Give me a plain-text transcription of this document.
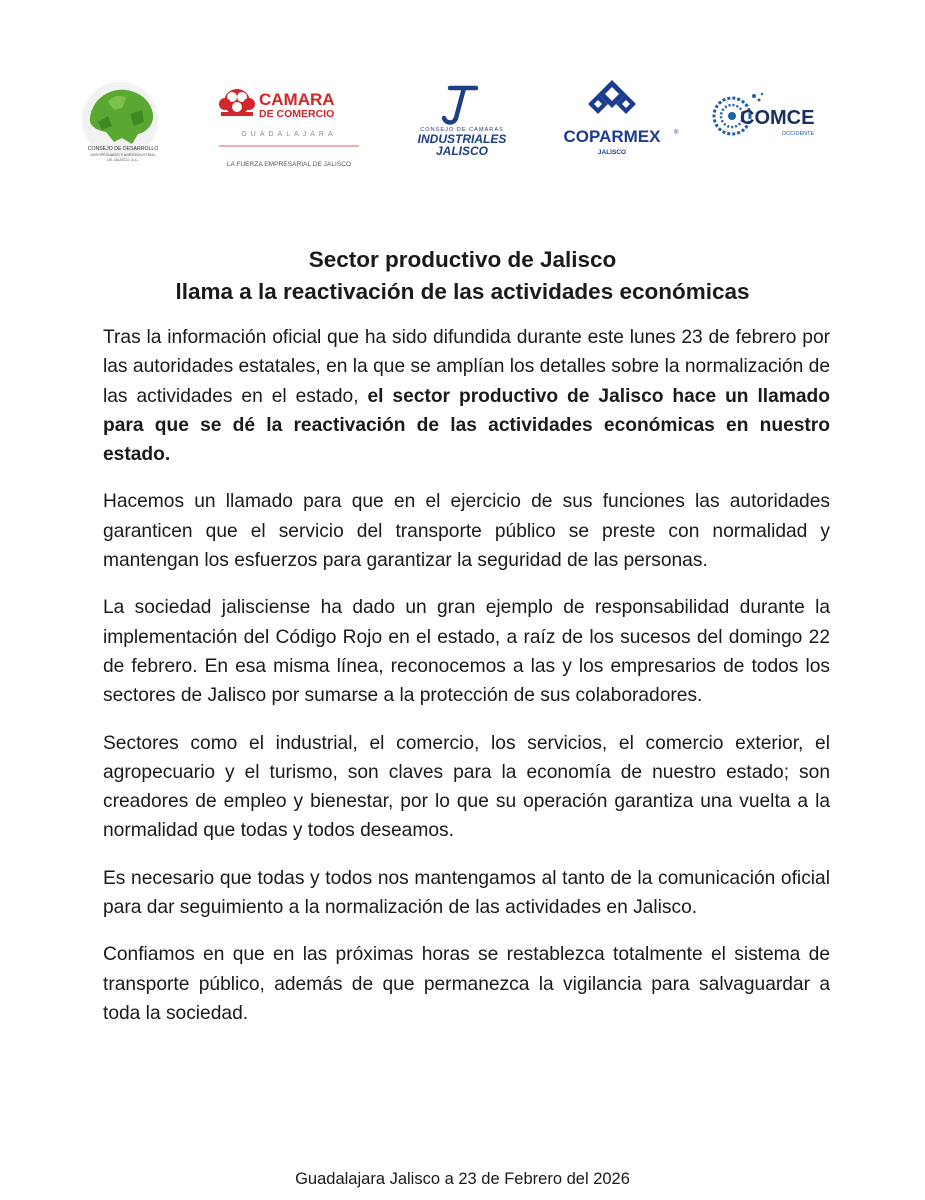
CONSEJO DE DESARROLLO
AGROPECUARIO Y AGROINDUSTRIAL
DE JALISCO, A.C.
CAMARA
DE COMERCIO
GUADALAJARA
LA FUERZA EMPRESARIAL DE JALISCO
CONSEJO DE CÁMARAS
INDUSTRIALES
JALISCO
COPARMEX ®
JALISCO
COMCE
OCCIDENTE
Sector productivo de Jalisco
llama a la reactivación de las actividades económicas

Tras la información oficial que ha sido difundida durante este lunes 23 de febrero por las autoridades estatales, en la que se amplían los detalles sobre la normalización de las actividades en el estado, el sector productivo de Jalisco hace un llamado para que se dé la reactivación de las actividades económicas en nuestro estado.

Hacemos un llamado para que en el ejercicio de sus funciones las autoridades garanticen que el servicio del transporte público se preste con normalidad y mantengan los esfuerzos para garantizar la seguridad de las personas.

La sociedad jalisciense ha dado un gran ejemplo de responsabilidad durante la implementación del Código Rojo en el estado, a raíz de los sucesos del domingo 22 de febrero. En esa misma línea, reconocemos a las y los empresarios de todos los sectores de Jalisco por sumarse a la protección de sus colaboradores.

Sectores como el industrial, el comercio, los servicios, el comercio exterior, el agropecuario y el turismo, son claves para la economía de nuestro estado; son creadores de empleo y bienestar, por lo que su operación garantiza una vuelta a la normalidad que todas y todos deseamos.

Es necesario que todas y todos nos mantengamos al tanto de la comunicación oficial para dar seguimiento a la normalización de las actividades en Jalisco.

Confiamos en que en las próximas horas se restablezca totalmente el sistema de transporte público, además de que permanezca la vigilancia para salvaguardar a toda la sociedad.

Guadalajara Jalisco a 23 de Febrero del 2026
